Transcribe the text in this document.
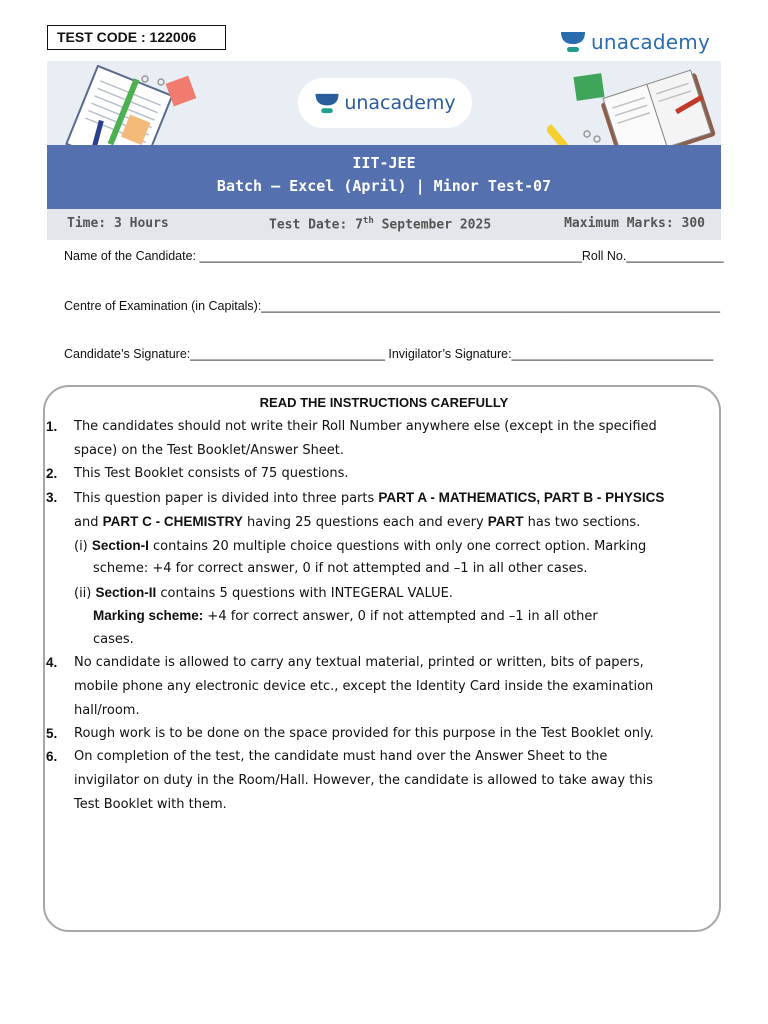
TEST CODE : 122006	unacademy
unacademy
IIT-JEE
Batch – Excel (April) | Minor Test-07
Time: 3 Hours	Test Date: 7th September 2025	Maximum Marks: 300
Name of the Candidate: _______________________________________________________Roll No.______________
Centre of Examination (in Capitals):__________________________________________________________________
Candidate’s Signature:____________________________ Invigilator’s Signature:_____________________________
READ THE INSTRUCTIONS CAREFULLY
1. The candidates should not write their Roll Number anywhere else (except in the specified
space) on the Test Booklet/Answer Sheet.
2. This Test Booklet consists of 75 questions.
3. This question paper is divided into three parts PART A - MATHEMATICS, PART B - PHYSICS
and PART C - CHEMISTRY having 25 questions each and every PART has two sections.
(i) Section-I contains 20 multiple choice questions with only one correct option. Marking
scheme: +4 for correct answer, 0 if not attempted and –1 in all other cases.
(ii) Section-II contains 5 questions with INTEGERAL VALUE.
Marking scheme: +4 for correct answer, 0 if not attempted and –1 in all other
cases.
4. No candidate is allowed to carry any textual material, printed or written, bits of papers,
mobile phone any electronic device etc., except the Identity Card inside the examination
hall/room.
5. Rough work is to be done on the space provided for this purpose in the Test Booklet only.
6. On completion of the test, the candidate must hand over the Answer Sheet to the
invigilator on duty in the Room/Hall. However, the candidate is allowed to take away this
Test Booklet with them.
